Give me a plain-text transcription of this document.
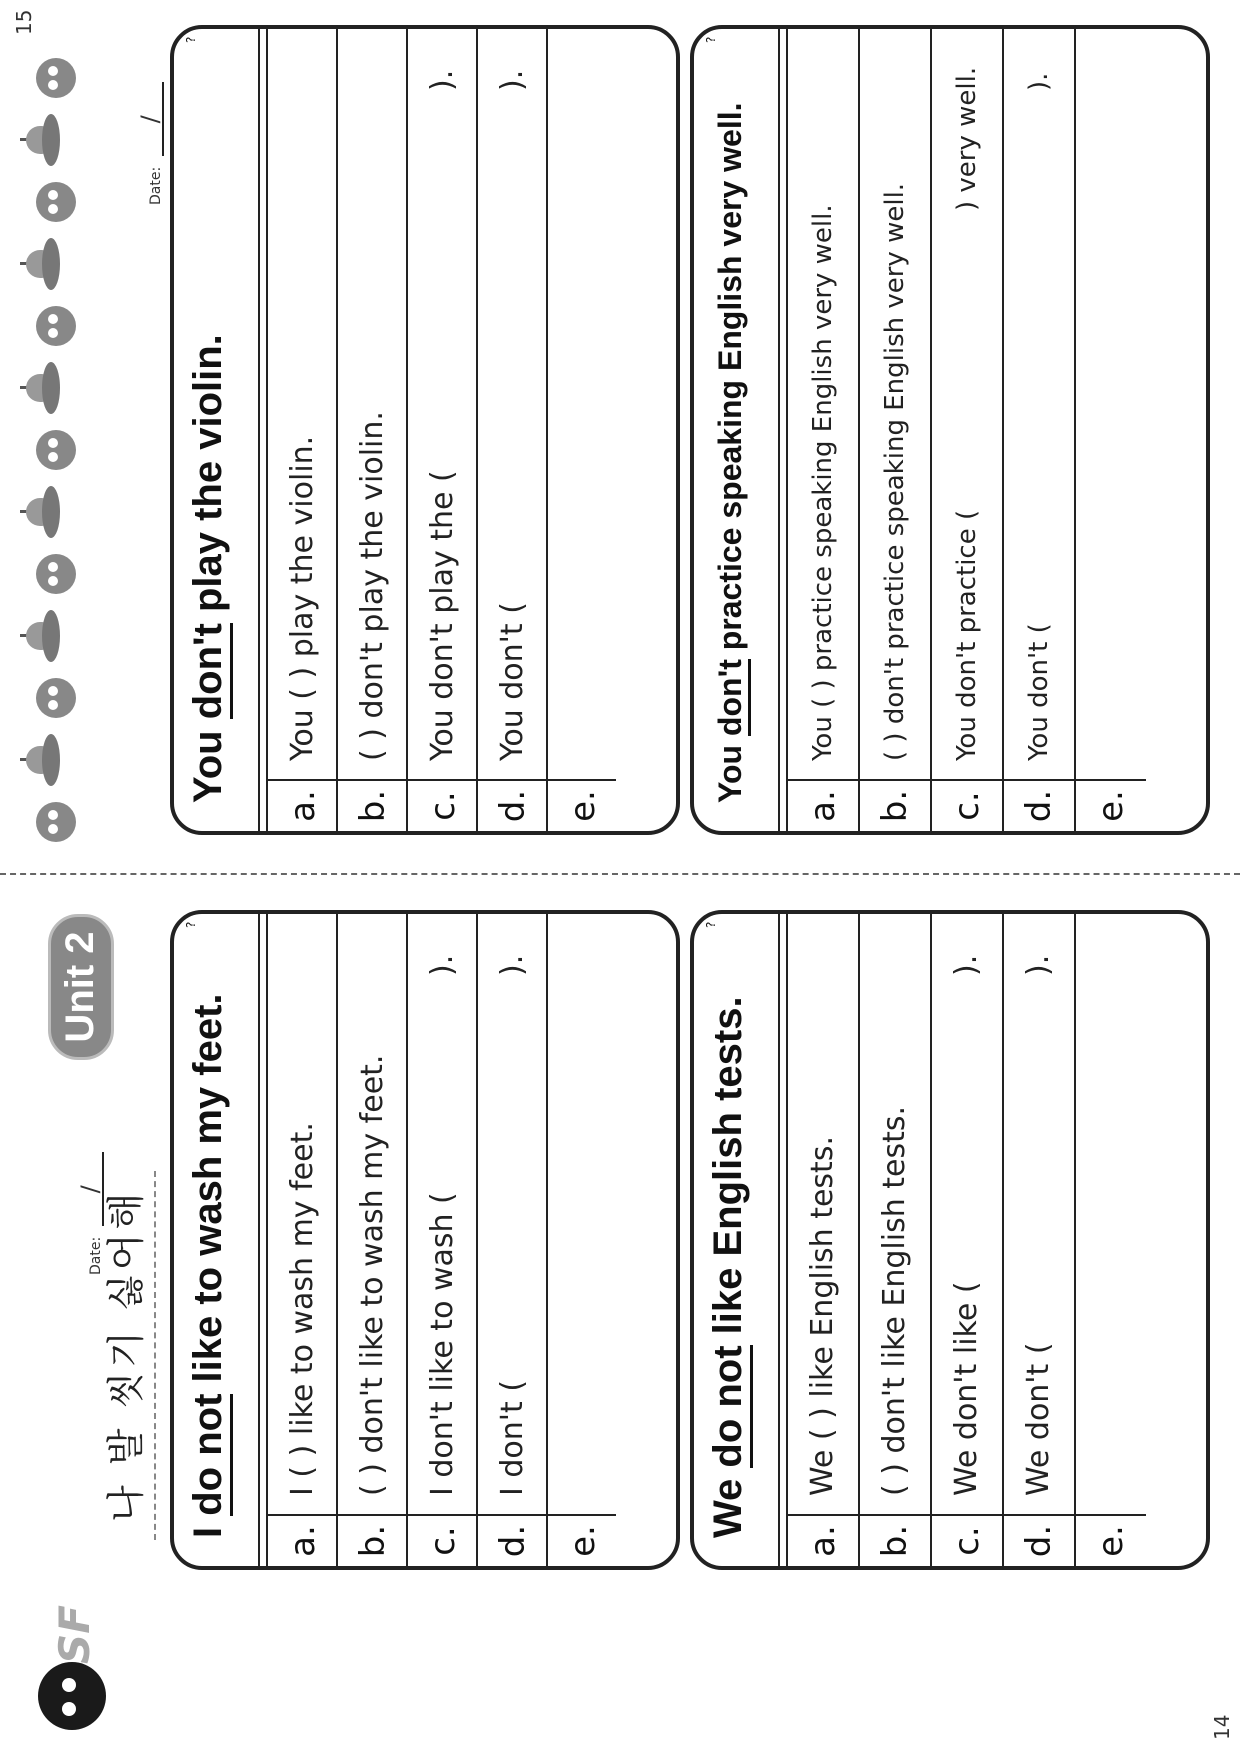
14
SF
나 발 씻기 싫어해
Date: /
Unit 2
I do not like to wash my feet.
?
a.
I ( ) like to wash my feet.
b.
( ) don't like to wash my feet.
c.
I don't like to wash (
).
d.
I don't (
).
e.
We do not like English tests.
?
a.
We ( ) like English tests.
b.
( ) don't like English tests.
c.
We don't like (
).
d.
We don't (
).
e.
Date: /
You don't play the violin.
?
a.
You ( ) play the violin.
b.
( ) don't play the violin.
c.
You don't play the (
).
d.
You don't (
).
e.
You don't practice speaking English very well.
?
a.
You ( ) practice speaking English very well.
b.
( ) don't practice speaking English very well.
c.
You don't practice (
) very well.
d.
You don't (
).
e.
15
